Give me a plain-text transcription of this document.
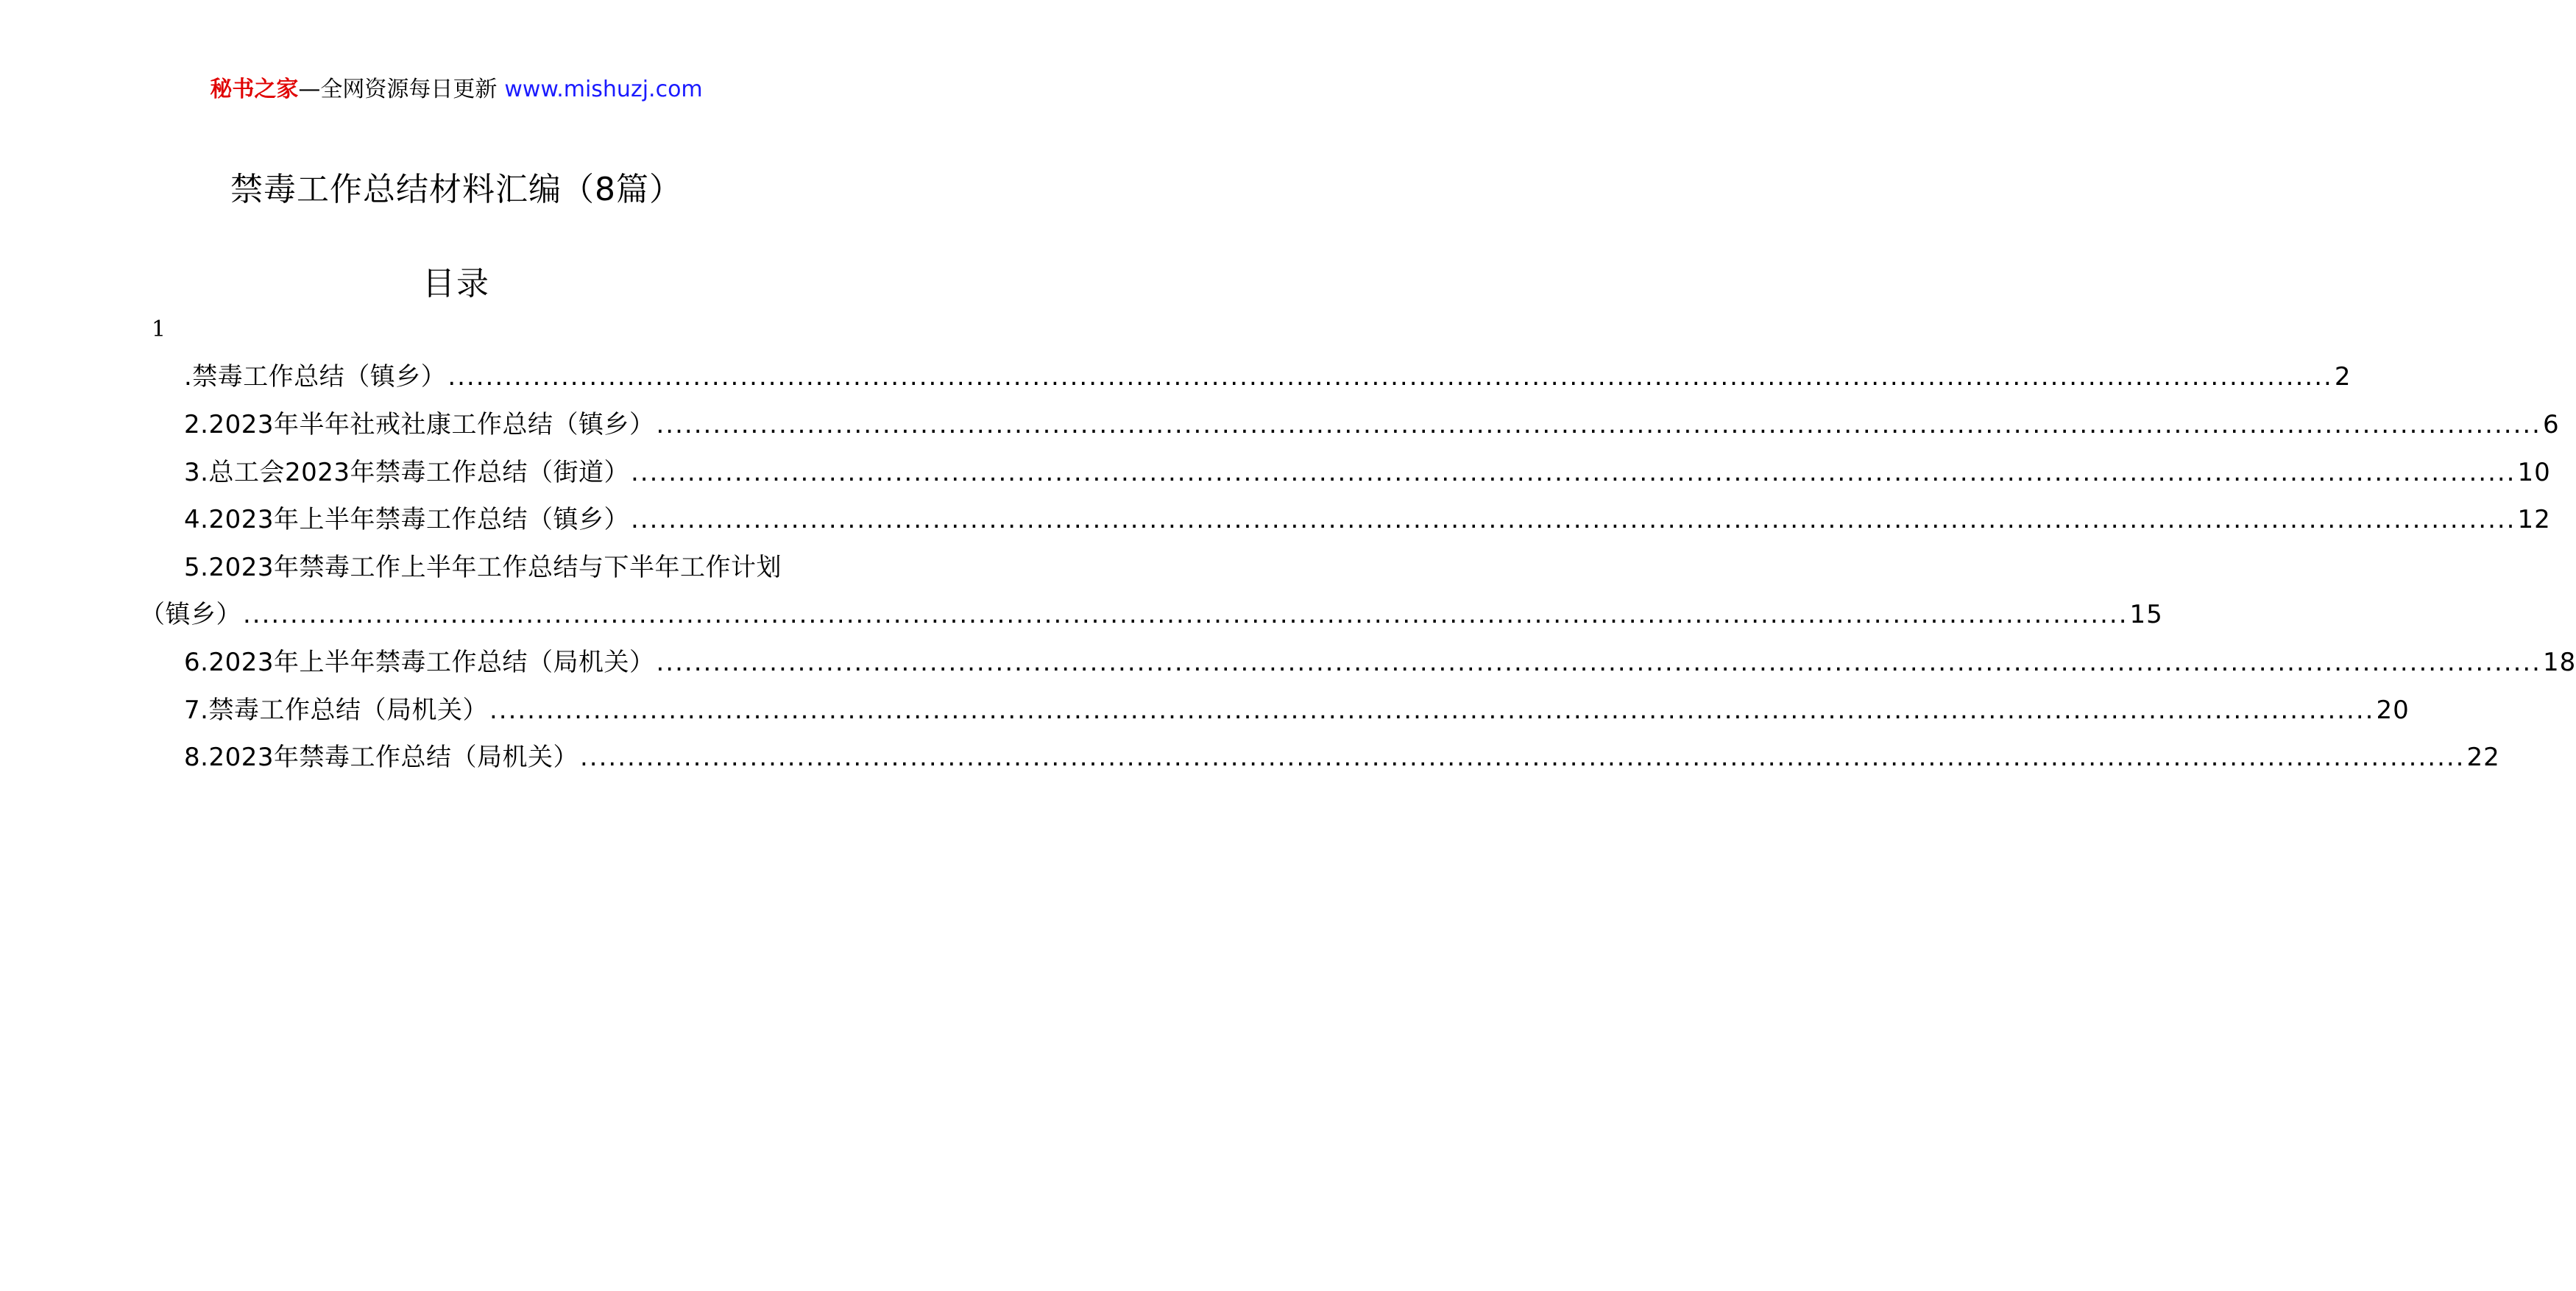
秘书之家—全网资源每日更新 www.mishuzj.com
禁毒工作总结材料汇编（8篇）
目录
1
.禁毒工作总结（镇乡） ........................................................................................................................................................................................................ 2
2.2023年半年社戒社康工作总结（镇乡） ........................................................................................................................................................................................................ 6
3.总工会2023年禁毒工作总结（街道） ........................................................................................................................................................................................................ 10
4.2023年上半年禁毒工作总结（镇乡） ........................................................................................................................................................................................................ 12
5.2023年禁毒工作上半年工作总结与下半年工作计划
（镇乡） ........................................................................................................................................................................................................ 15
6.2023年上半年禁毒工作总结（局机关） ........................................................................................................................................................................................................ 18
7.禁毒工作总结（局机关） ........................................................................................................................................................................................................ 20
8.2023年禁毒工作总结（局机关） ........................................................................................................................................................................................................ 22
